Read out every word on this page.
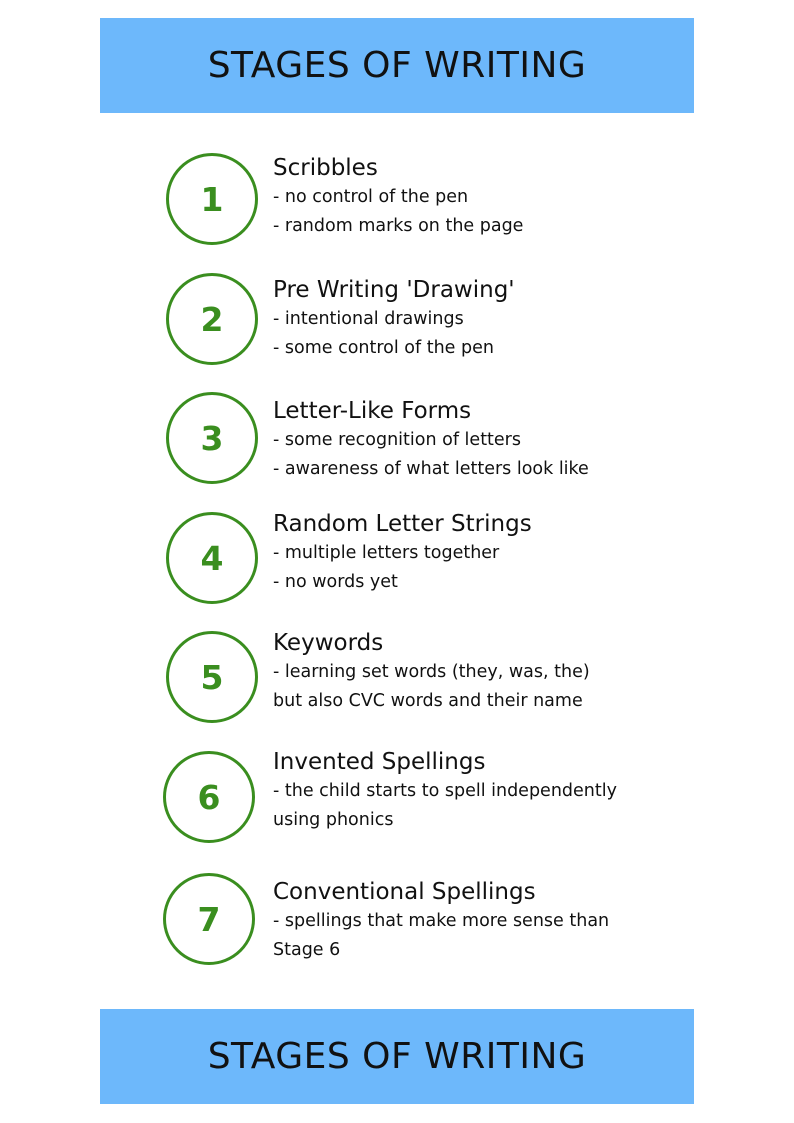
STAGES OF WRITING
1
Scribbles
- no control of the pen
- random marks on the page
2
Pre Writing 'Drawing'
- intentional drawings
- some control of the pen
3
Letter-Like Forms
- some recognition of letters
- awareness of what letters look like
4
Random Letter Strings
- multiple letters together
- no words yet
5
Keywords
- learning set words (they, was, the)
but also CVC words and their name
6
Invented Spellings
- the child starts to spell independently
using phonics
7
Conventional Spellings
- spellings that make more sense than
Stage 6
STAGES OF WRITING
